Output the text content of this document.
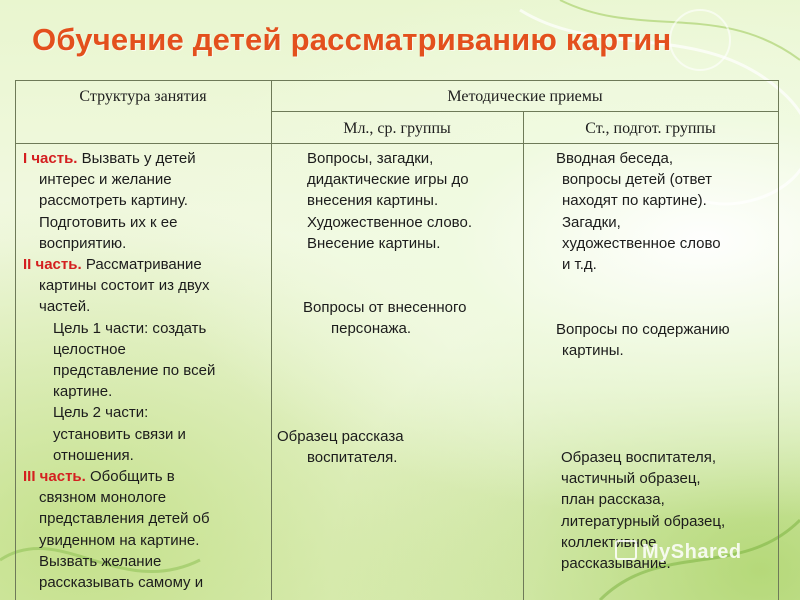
Обучение детей рассматриванию картин
Структура занятия	Методические приемы
Мл., ср. группы	Ст., подгот. группы

I часть. Вызвать у детей

интерес и желание

рассмотреть картину.

Подготовить их к ее

восприятию.

II часть. Рассматривание

картины состоит из двух

частей.

Цель 1 части: создать

целостное

представление по всей

картине.

Цель 2 части:

установить связи и

отношения.

III часть. Обобщить в

связном монологе

представления детей об

увиденном на картине.

Вызвать желание

рассказывать самому и

Вопросы, загадки,

дидактические игры до

внесения картины.

Художественное слово.

Внесение картины.

Вопросы от внесенного

персонажа.

Образец рассказа

воспитателя.

Вводная беседа,

вопросы детей (ответ

находят по картине).

Загадки,

художественное слово

и т.д.

Вопросы по содержанию

картины.

Образец воспитателя,

частичный образец,

план рассказа,

литературный образец,

коллективное

рассказывание.

MyShared
